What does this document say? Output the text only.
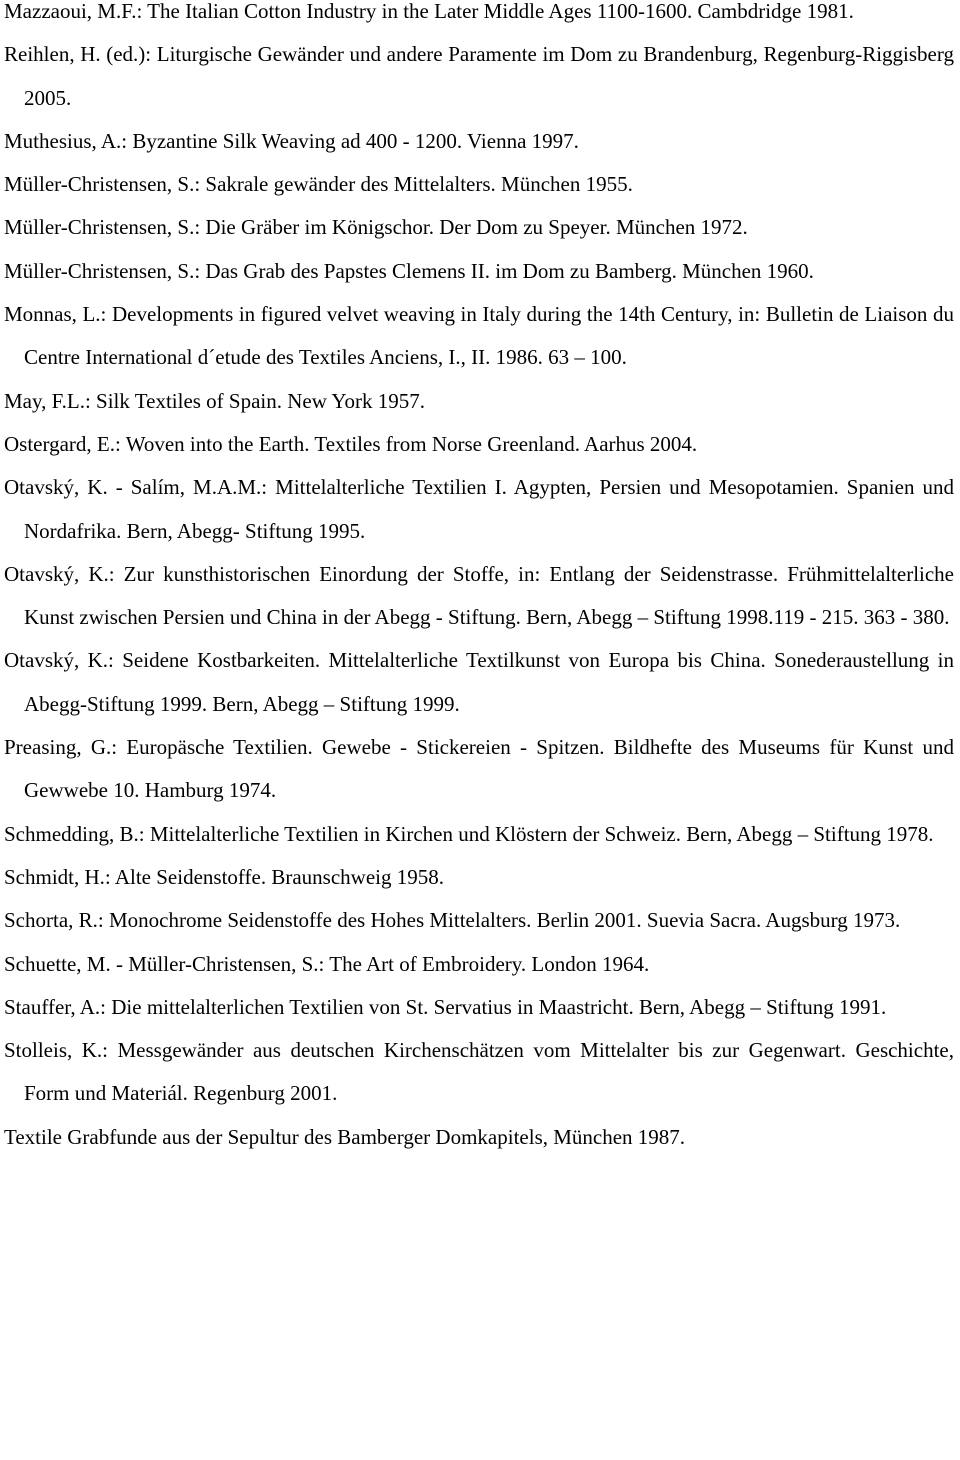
Mazzaoui, M.F.: The Italian Cotton Industry in the Later Middle Ages 1100-1600. Cambdridge 1981.

Reihlen, H. (ed.): Liturgische Gewänder und andere Paramente im Dom zu Brandenburg, Regenburg-Riggisberg 2005.

Muthesius, A.: Byzantine Silk Weaving ad 400 - 1200. Vienna 1997.

Müller-Christensen, S.: Sakrale gewänder des Mittelalters. München 1955.

Müller-Christensen, S.: Die Gräber im Königschor. Der Dom zu Speyer. München 1972.

Müller-Christensen, S.: Das Grab des Papstes Clemens II. im Dom zu Bamberg. München 1960.

Monnas, L.: Developments in figured velvet weaving in Italy during the 14th Century, in: Bulletin de Liaison du Centre International d´etude des Textiles Anciens, I., II. 1986. 63 – 100.

May, F.L.: Silk Textiles of Spain. New York 1957.

Ostergard, E.: Woven into the Earth. Textiles from Norse Greenland. Aarhus 2004.

Otavský, K. - Salím, M.A.M.: Mittelalterliche Textilien I. Agypten, Persien und Mesopotamien. Spanien und Nordafrika. Bern, Abegg- Stiftung 1995.

Otavský, K.: Zur kunsthistorischen Einordung der Stoffe, in: Entlang der Seidenstrasse. Frühmittelalterliche Kunst zwischen Persien und China in der Abegg - Stiftung. Bern, Abegg – Stiftung 1998.119 - 215. 363 - 380.

Otavský, K.: Seidene Kostbarkeiten. Mittelalterliche Textilkunst von Europa bis China. Sonederaustellung in Abegg-Stiftung 1999. Bern, Abegg – Stiftung 1999.

Preasing, G.: Europäsche Textilien. Gewebe - Stickereien - Spitzen. Bildhefte des Museums für Kunst und Gewwebe 10. Hamburg 1974.

Schmedding, B.: Mittelalterliche Textilien in Kirchen und Klöstern der Schweiz. Bern, Abegg – Stiftung 1978.

Schmidt, H.: Alte Seidenstoffe. Braunschweig 1958.

Schorta, R.: Monochrome Seidenstoffe des Hohes Mittelalters. Berlin 2001. Suevia Sacra. Augsburg 1973.

Schuette, M. - Müller-Christensen, S.: The Art of Embroidery. London 1964.

Stauffer, A.: Die mittelalterlichen Textilien von St. Servatius in Maastricht. Bern, Abegg – Stiftung 1991.

Stolleis, K.: Messgewänder aus deutschen Kirchenschätzen vom Mittelalter bis zur Gegenwart. Geschichte, Form und Materiál. Regenburg 2001.

Textile Grabfunde aus der Sepultur des Bamberger Domkapitels, München 1987.
